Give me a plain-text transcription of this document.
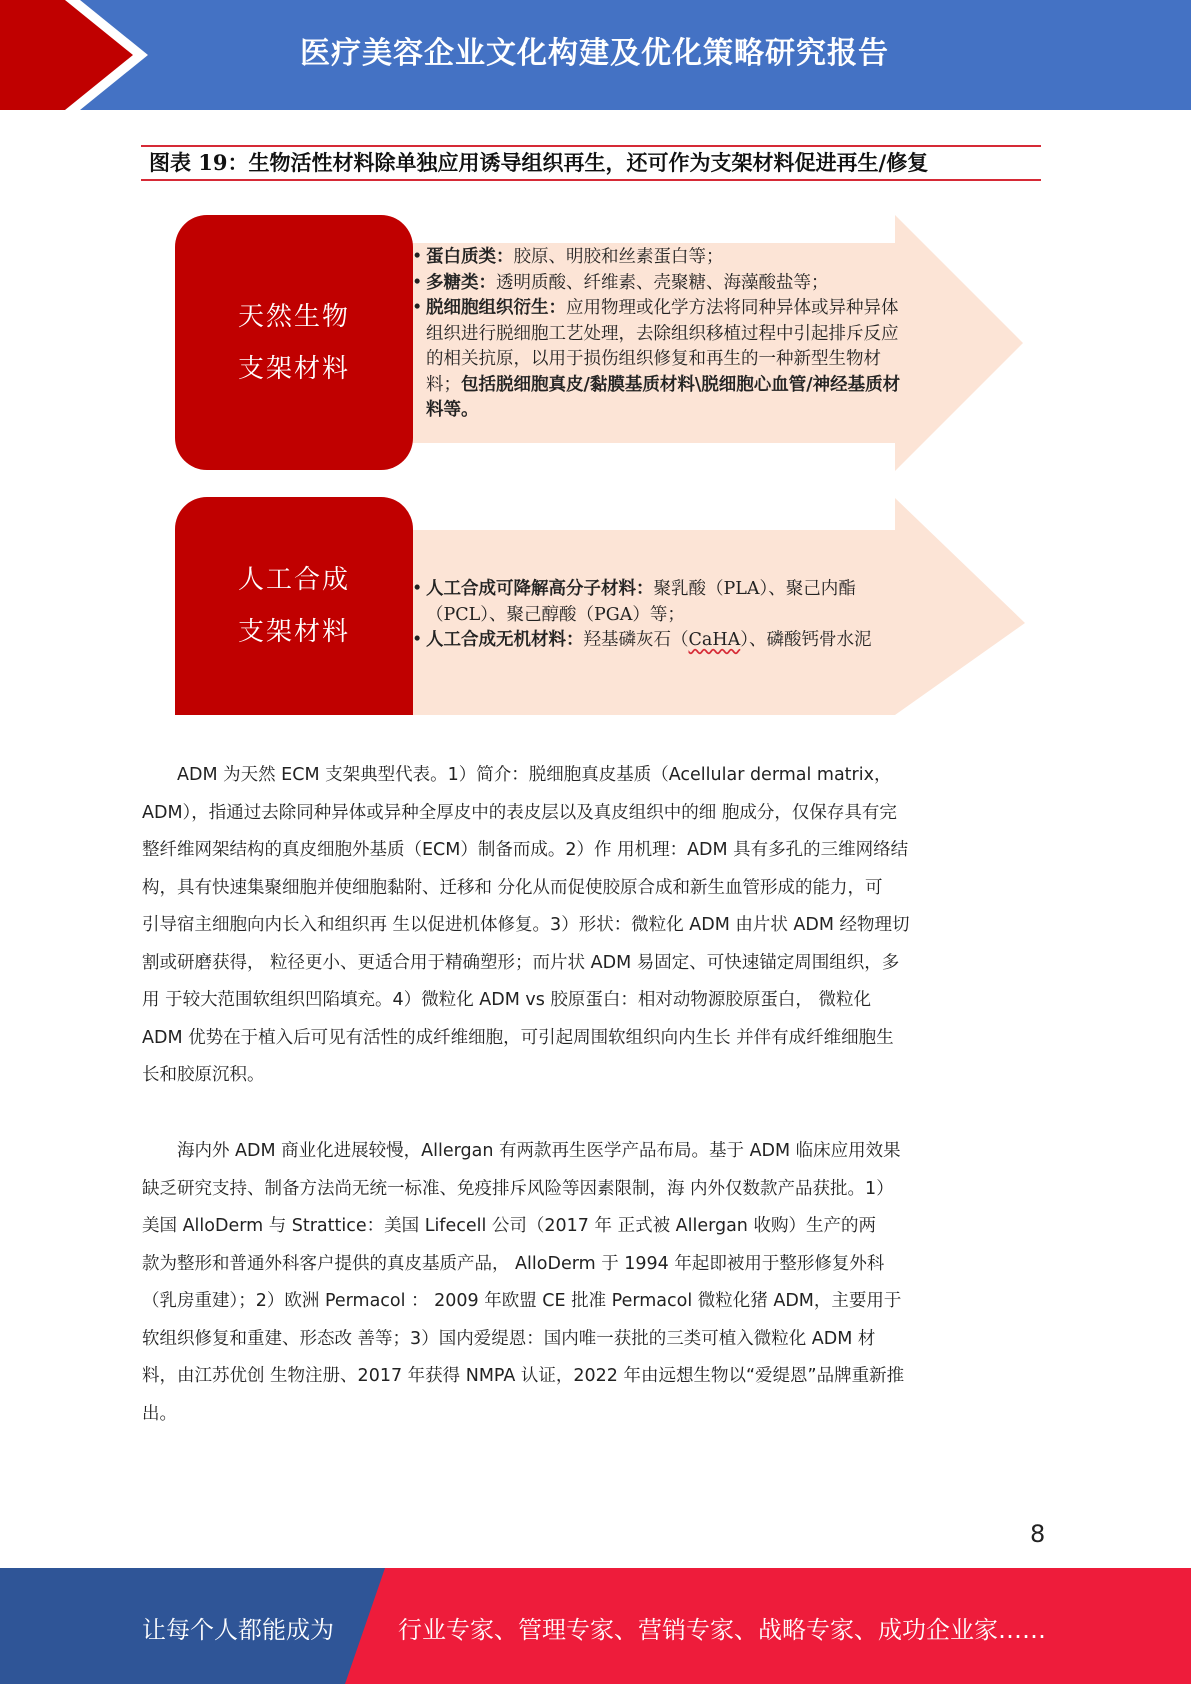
医疗美容企业文化构建及优化策略研究报告
图表 19：生物活性材料除单独应用诱导组织再生，还可作为支架材料促进再生/修复
天然生物
支架材料
• 蛋白质类：胶原、明胶和丝素蛋白等；
• 多糖类：透明质酸、纤维素、壳聚糖、海藻酸盐等；
• 脱细胞组织衍生：应用物理或化学方法将同种异体或异种异体组织进行脱细胞工艺处理，去除组织移植过程中引起排斥反应的相关抗原，以用于损伤组织修复和再生的一种新型生物材料；包括脱细胞真皮/黏膜基质材料\脱细胞心血管/神经基质材料等。
人工合成
支架材料
• 人工合成可降解高分子材料：聚乳酸（PLA）、聚己内酯（PCL）、聚己醇酸（PGA）等；
• 人工合成无机材料：羟基磷灰石（CaHA）、磷酸钙骨水泥
　　ADM 为天然 ECM 支架典型代表。1）简介：脱细胞真皮基质（Acellular dermal matrix，
ADM），指通过去除同种异体或异种全厚皮中的表皮层以及真皮组织中的细 胞成分，仅保存具有完
整纤维网架结构的真皮细胞外基质（ECM）制备而成。2）作 用机理：ADM 具有多孔的三维网络结
构，具有快速集聚细胞并使细胞黏附、迁移和 分化从而促使胶原合成和新生血管形成的能力，可
引导宿主细胞向内长入和组织再 生以促进机体修复。3）形状：微粒化 ADM 由片状 ADM 经物理切
割或研磨获得， 粒径更小、更适合用于精确塑形；而片状 ADM 易固定、可快速锚定周围组织，多
用 于较大范围软组织凹陷填充。4）微粒化 ADM vs 胶原蛋白：相对动物源胶原蛋白， 微粒化
ADM 优势在于植入后可见有活性的成纤维细胞，可引起周围软组织向内生长 并伴有成纤维细胞生
长和胶原沉积。
　　海内外 ADM 商业化进展较慢，Allergan 有两款再生医学产品布局。基于 ADM 临床应用效果
缺乏研究支持、制备方法尚无统一标准、免疫排斥风险等因素限制，海 内外仅数款产品获批。1）
美国 AlloDerm 与 Strattice：美国 Lifecell 公司（2017 年 正式被 Allergan 收购）生产的两
款为整形和普通外科客户提供的真皮基质产品， AlloDerm 于 1994 年起即被用于整形修复外科
（乳房重建）；2）欧洲 Permacol ： 2009 年欧盟 CE 批准 Permacol 微粒化猪 ADM，主要用于
软组织修复和重建、形态改 善等；3）国内爱缇恩：国内唯一获批的三类可植入微粒化 ADM 材
料，由江苏优创 生物注册、2017 年获得 NMPA 认证，2022 年由远想生物以“爱缇恩”品牌重新推
出。
8
让每个人都能成为	行业专家、管理专家、营销专家、战略专家、成功企业家……
